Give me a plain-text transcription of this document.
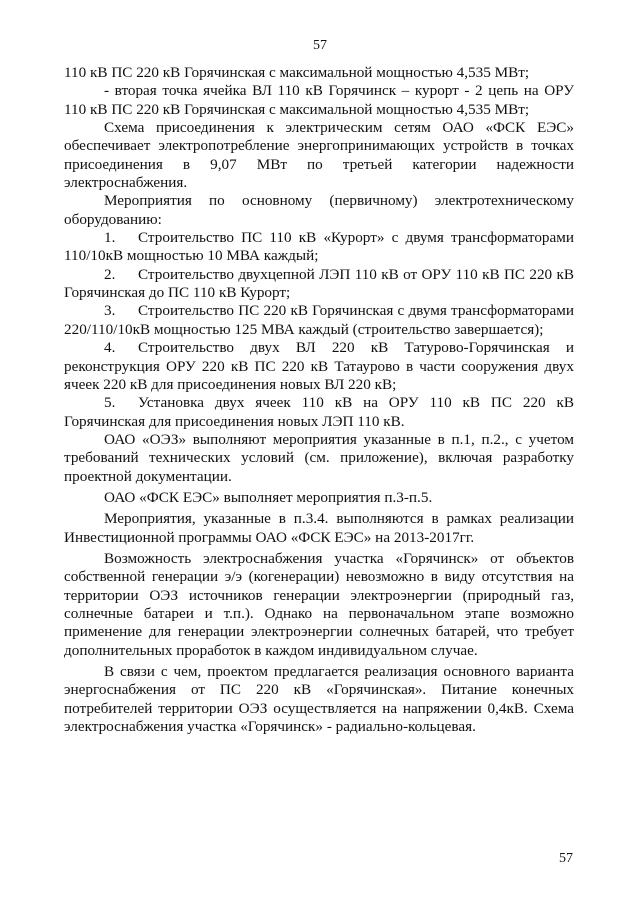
57

110 кВ ПС 220 кВ Горячинская с максимальной мощностью 4,535 МВт;

- вторая точка ячейка ВЛ 110 кВ Горячинск – курорт - 2 цепь на ОРУ 110 кВ ПС 220 кВ Горячинская с максимальной мощностью 4,535 МВт;

Схема присоединения к электрическим сетям ОАО «ФСК ЕЭС» обеспечивает электропотребление энергопринимающих устройств в точках присоединения в 9,07 МВт по третьей категории надежности электроснабжения.

Мероприятия по основному (первичному) электротехническому оборудованию:

1. Строительство ПС 110 кВ «Курорт» с двумя трансформаторами 110/10кВ мощностью 10 МВА каждый;

2. Строительство двухцепной ЛЭП 110 кВ от ОРУ 110 кВ ПС 220 кВ Горячинская до ПС 110 кВ Курорт;

3. Строительство ПС 220 кВ Горячинская с двумя трансформаторами 220/110/10кВ мощностью 125 МВА каждый (строительство завершается);

4. Строительство двух ВЛ 220 кВ Татурово-Горячинская и реконструкция ОРУ 220 кВ ПС 220 кВ Татаурово в части сооружения двух ячеек 220 кВ для присоединения новых ВЛ 220 кВ;

5. Установка двух ячеек 110 кВ на ОРУ 110 кВ ПС 220 кВ Горячинская для присоединения новых ЛЭП 110 кВ.

ОАО «ОЭЗ» выполняют мероприятия указанные в п.1, п.2., с учетом требований технических условий (см. приложение), включая разработку проектной документации.

ОАО «ФСК ЕЭС» выполняет мероприятия п.3-п.5.

Мероприятия, указанные в п.3.4. выполняются в рамках реализации Инвестиционной программы ОАО «ФСК ЕЭС» на 2013-2017гг.

Возможность электроснабжения участка «Горячинск» от объектов собственной генерации э/э (когенерации) невозможно в виду отсутствия на территории ОЭЗ источников генерации электроэнергии (природный газ, солнечные батареи и т.п.). Однако на первоначальном этапе возможно применение для генерации электроэнергии солнечных батарей, что требует дополнительных проработок в каждом индивидуальном случае.

В связи с чем, проектом предлагается реализация основного варианта энергоснабжения от ПС 220 кВ «Горячинская». Питание конечных потребителей территории ОЭЗ осуществляется на напряжении 0,4кВ. Схема электроснабжения участка «Горячинск» - радиально-кольцевая.

57
